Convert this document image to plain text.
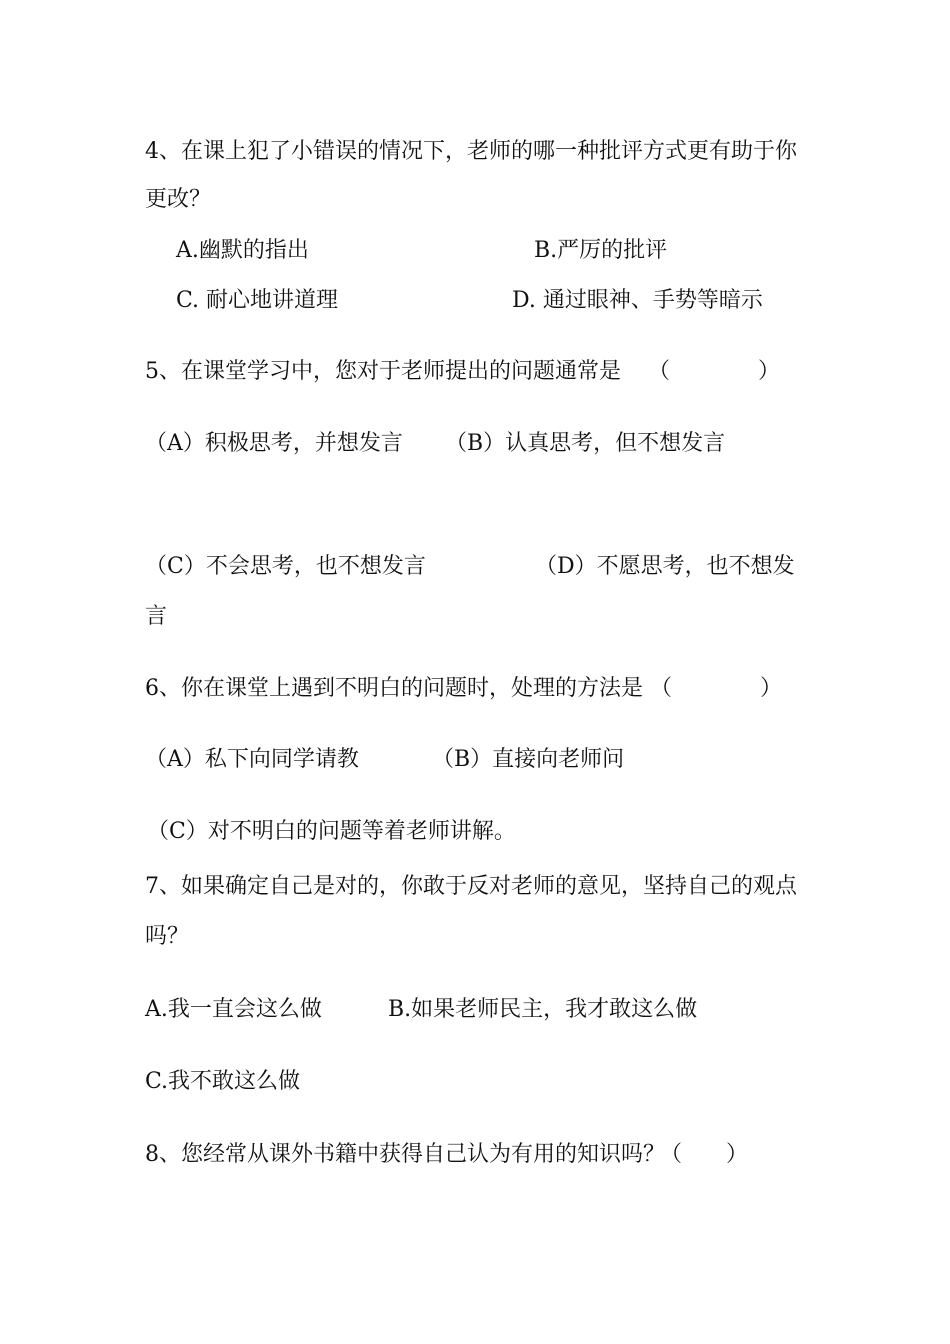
4、在课上犯了小错误的情况下，老师的哪一种批评方式更有助于你
更改？
A.幽默的指出	B.严厉的批评
C. 耐心地讲道理	D. 通过眼神、手势等暗示
5、在课堂学习中，您对于老师提出的问题通常是 （　　　　）
（A）积极思考，并想发言 （B）认真思考，但不想发言
（C）不会思考，也不想发言	（D）不愿思考，也不想发
言
6、你在课堂上遇到不明白的问题时，处理的方法是 （　　　　）
（A）私下向同学请教	（B）直接向老师问
（C）对不明白的问题等着老师讲解。
7、如果确定自己是对的，你敢于反对老师的意见，坚持自己的观点
吗？
A.我一直会这么做	B.如果老师民主，我才敢这么做
C.我不敢这么做
8、您经常从课外书籍中获得自己认为有用的知识吗？
（　　）
